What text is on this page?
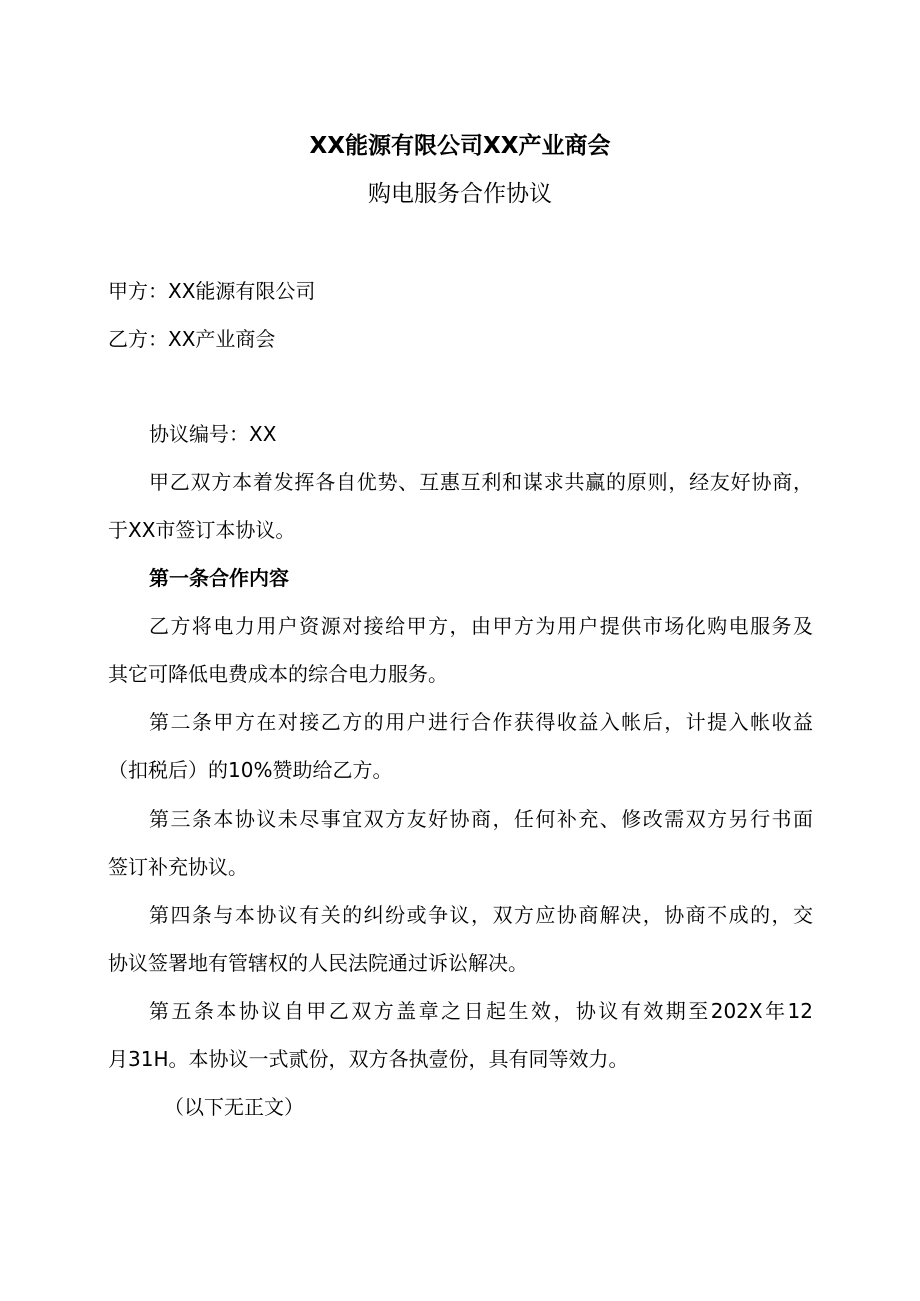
XX能源有限公司XX产业商会
购电服务合作协议
甲方：XX能源有限公司
乙方：XX产业商会
协议编号：XX
甲乙双方本着发挥各自优势、互惠互利和谋求共赢的原则，经友好协商，
于XX市签订本协议。
第一条合作内容
乙方将电力用户资源对接给甲方，由甲方为用户提供市场化购电服务及
其它可降低电费成本的综合电力服务。
第二条甲方在对接乙方的用户进行合作获得收益入帐后，计提入帐收益
（扣税后）的10%赞助给乙方。
第三条本协议未尽事宜双方友好协商，任何补充、修改需双方另行书面
签订补充协议。
第四条与本协议有关的纠纷或争议，双方应协商解决，协商不成的，交
协议签署地有管辖权的人民法院通过诉讼解决。
第五条本协议自甲乙双方盖章之日起生效，协议有效期至202X年12
月31H。本协议一式贰份，双方各执壹份，具有同等效力。
（以下无正文）
